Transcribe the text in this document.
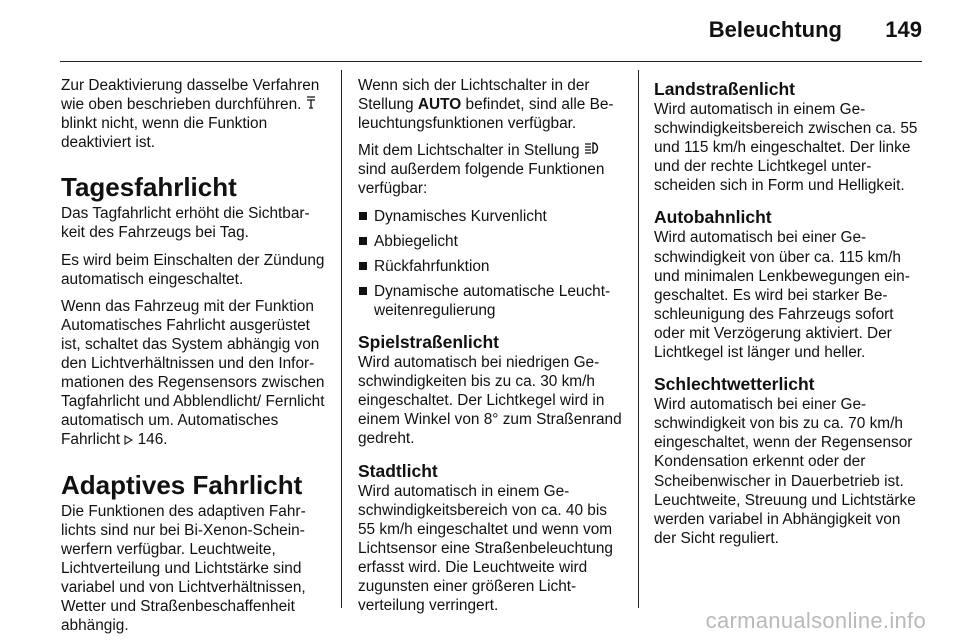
Beleuchtung 149

Zur Deaktivierung dasselbe Verfahren wie oben beschrieben durchführen.  blinkt nicht, wenn die Funktion deaktiviert ist.

Tagesfahrlicht

Das Tagfahrlicht erhöht die Sichtbarkeit des Fahrzeugs bei Tag.

Es wird beim Einschalten der Zündung automatisch eingeschaltet.

Wenn das Fahrzeug mit der Funktion Automatisches Fahrlicht ausgerüstet ist, schaltet das System abhängig von den Lichtverhältnissen und den Informationen des Regensensors zwischen Tagfahrlicht und Abblendlicht/ Fernlicht automatisch um. Automatisches Fahrlicht 146.

Adaptives Fahrlicht

Die Funktionen des adaptiven Fahrlichts sind nur bei Bi-Xenon-Scheinwerfern verfügbar. Leuchtweite, Lichtverteilung und Lichtstärke sind variabel und von Lichtverhältnissen, Wetter und Straßenbeschaffenheit abhängig.

Wenn sich der Lichtschalter in der Stellung AUTO befindet, sind alle Beleuchtungsfunktionen verfügbar.

Mit dem Lichtschalter in Stellung  sind außerdem folgende Funktionen verfügbar:

Dynamisches Kurvenlicht
Abbiegelicht
Rückfahrfunktion
Dynamische automatische Leuchtweitenregulierung
Spielstraßenlicht

Wird automatisch bei niedrigen Geschwindigkeiten bis zu ca. 30 km/h eingeschaltet. Der Lichtkegel wird in einem Winkel von 8° zum Straßenrand gedreht.

Stadtlicht

Wird automatisch in einem Geschwindigkeitsbereich von ca. 40 bis 55 km/h eingeschaltet und wenn vom Lichtsensor eine Straßenbeleuchtung erfasst wird. Die Leuchtweite wird zugunsten einer größeren Lichtverteilung verringert.

Landstraßenlicht

Wird automatisch in einem Geschwindigkeitsbereich zwischen ca. 55 und 115 km/h eingeschaltet. Der linke und der rechte Lichtkegel unterscheiden sich in Form und Helligkeit.

Autobahnlicht

Wird automatisch bei einer Geschwindigkeit von über ca. 115 km/h und minimalen Lenkbewegungen eingeschaltet. Es wird bei starker Beschleunigung des Fahrzeugs sofort oder mit Verzögerung aktiviert. Der Lichtkegel ist länger und heller.

Schlechtwetterlicht

Wird automatisch bei einer Geschwindigkeit von bis zu ca. 70 km/h eingeschaltet, wenn der Regensensor Kondensation erkennt oder der Scheibenwischer in Dauerbetrieb ist. Leuchtweite, Streuung und Lichtstärke werden variabel in Abhängigkeit von der Sicht reguliert.

carmanualsonline.info
